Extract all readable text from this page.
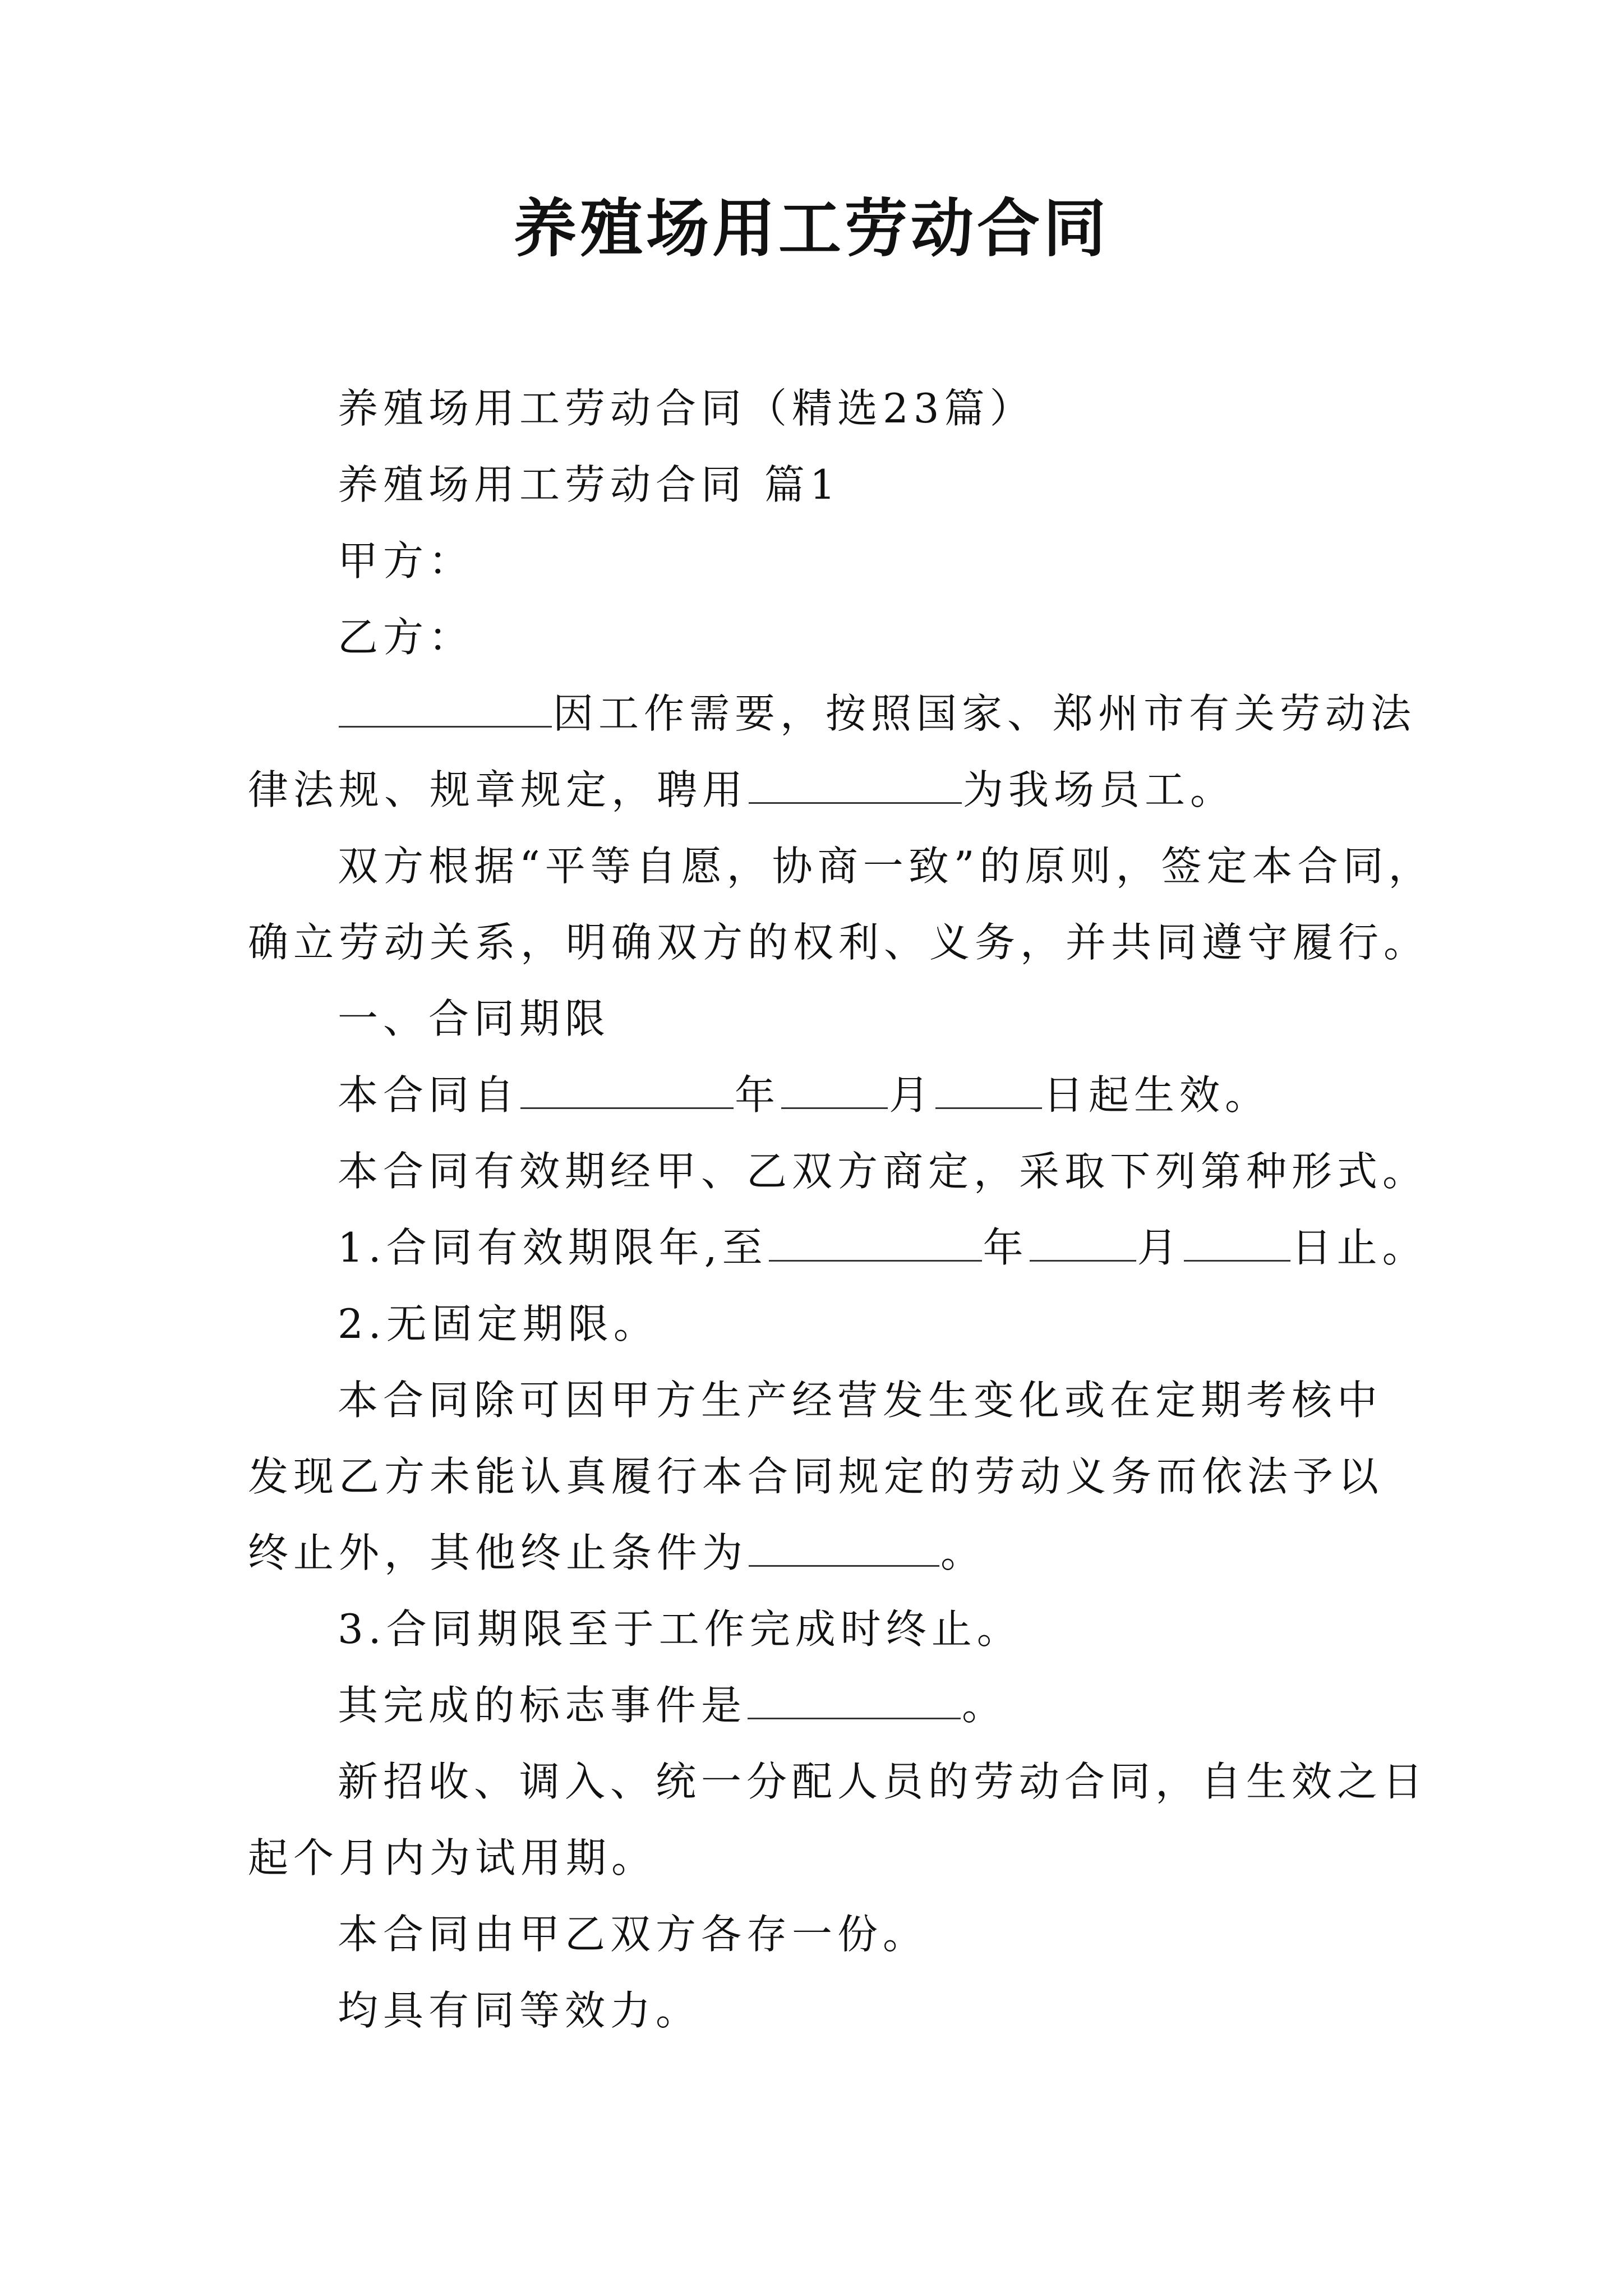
养殖场用工劳动合同
养殖场用工劳动合同（精选23篇）
养殖场用工劳动合同 篇1
甲方：
乙方：
因工作需要，按照国家、郑州市有关劳动法
律法规、规章规定，聘用	为我场员工。
双方根据“平等自愿，协商一致”的原则，签定本合同，
确立劳动关系，明确双方的权利、义务，并共同遵守履行。
一、合同期限
本合同自	年	月	日起生效。
本合同有效期经甲、乙双方商定，采取下列第种形式。
1.合同有效期限年,至	年	月	日止。
2.无固定期限。
本合同除可因甲方生产经营发生变化或在定期考核中
发现乙方未能认真履行本合同规定的劳动义务而依法予以
终止外，其他终止条件为	。
3.合同期限至于工作完成时终止。
其完成的标志事件是	。
新招收、调入、统一分配人员的劳动合同，自生效之日
起个月内为试用期。
本合同由甲乙双方各存一份。
均具有同等效力。
